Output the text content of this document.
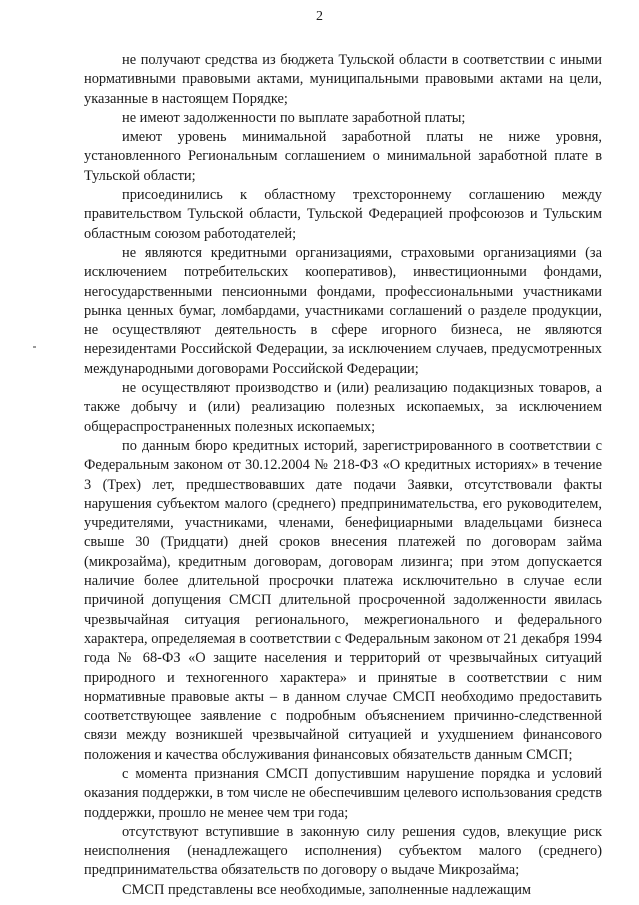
2

не получают средства из бюджета Тульской области в соответствии с иными нормативными правовыми актами, муниципальными правовыми актами на цели, указанные в настоящем Порядке;

не имеют задолженности по выплате заработной платы;

имеют уровень минимальной заработной платы не ниже уровня, установленного Региональным соглашением о минимальной заработной плате в Тульской области;

присоединились к областному трехстороннему соглашению между правительством Тульской области, Тульской Федерацией профсоюзов и Тульским областным союзом работодателей;

не являются кредитными организациями, страховыми организациями (за исключением потребительских кооперативов), инвестиционными фондами, негосударственными пенсионными фондами, профессиональными участниками рынка ценных бумаг, ломбардами, участниками соглашений о разделе продукции, не осуществляют деятельность в сфере игорного бизнеса, не являются нерезидентами Российской Федерации, за исключением случаев, предусмотренных международными договорами Российской Федерации;

не осуществляют производство и (или) реализацию подакцизных товаров, а также добычу и (или) реализацию полезных ископаемых, за исключением общераспространенных полезных ископаемых;

по данным бюро кредитных историй, зарегистрированного в соответствии с Федеральным законом от 30.12.2004 № 218-ФЗ «О кредитных историях» в течение 3 (Трех) лет, предшествовавших дате подачи Заявки, отсутствовали факты нарушения субъектом малого (среднего) предпринимательства, его руководителем, учредителями, участниками, членами, бенефициарными владельцами бизнеса свыше 30 (Тридцати) дней сроков внесения платежей по договорам займа (микрозайма), кредитным договорам, договорам лизинга; при этом допускается наличие более длительной просрочки платежа исключительно в случае если причиной допущения СМСП длительной просроченной задолженности явилась чрезвычайная ситуация регионального, межрегионального и федерального характера, определяемая в соответствии с Федеральным законом от 21 декабря 1994 года № 68-ФЗ «О защите населения и территорий от чрезвычайных ситуаций природного и техногенного характера» и принятые в соответствии с ним нормативные правовые акты – в данном случае СМСП необходимо предоставить соответствующее заявление с подробным объяснением причинно-следственной связи между возникшей чрезвычайной ситуацией и ухудшением финансового положения и качества обслуживания финансовых обязательств данным СМСП;

с момента признания СМСП допустившим нарушение порядка и условий оказания поддержки, в том числе не обеспечившим целевого использования средств поддержки, прошло не менее чем три года;

отсутствуют вступившие в законную силу решения судов, влекущие риск неисполнения (ненадлежащего исполнения) субъектом малого (среднего) предпринимательства обязательств по договору о выдаче Микрозайма;

СМСП представлены все необходимые, заполненные надлежащим
